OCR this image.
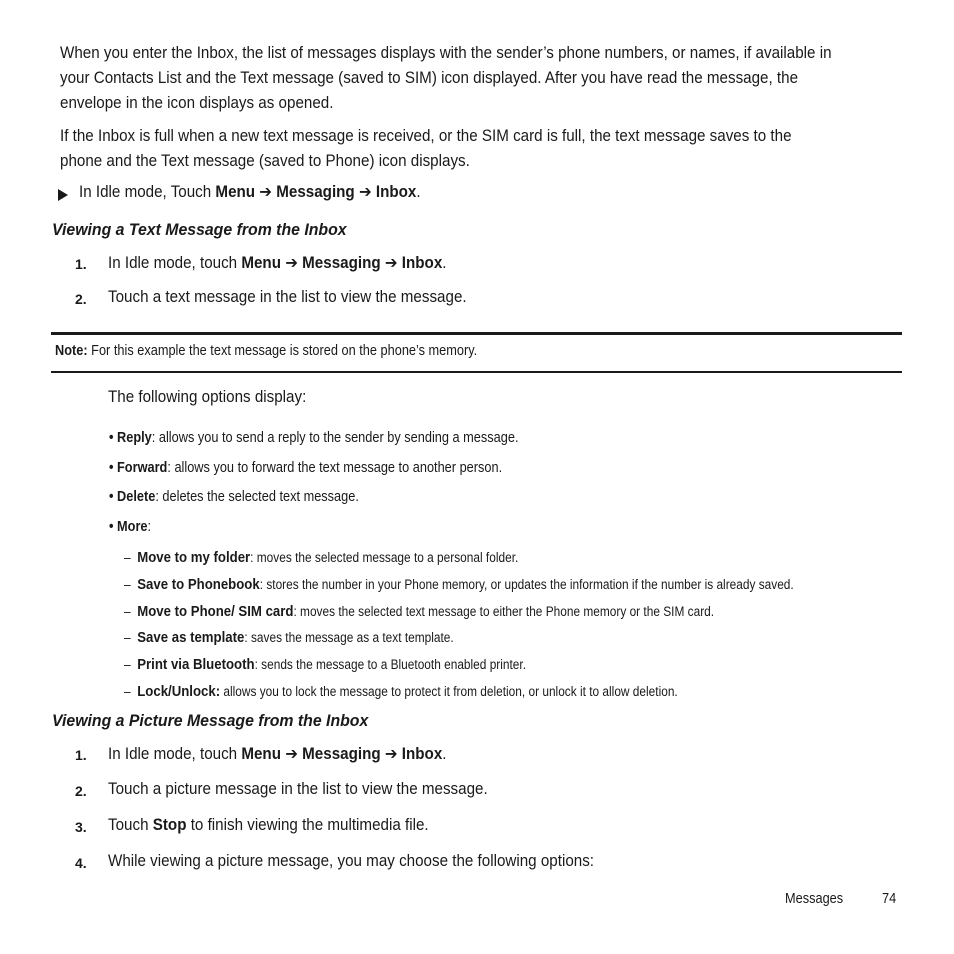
When you enter the Inbox, the list of messages displays with the sender’s phone numbers, or names, if available in
your Contacts List and the Text message (saved to SIM) icon displayed. After you have read the message, the
envelope in the icon displays as opened.
If the Inbox is full when a new text message is received, or the SIM card is full, the text message saves to the
phone and the Text message (saved to Phone) icon displays.
In Idle mode, Touch Menu ➔ Messaging ➔ Inbox.
Viewing a Text Message from the Inbox
1. In Idle mode, touch Menu ➔ Messaging ➔ Inbox.
2. Touch a text message in the list to view the message.
Note: For this example the text message is stored on the phone’s memory.
The following options display:
• Reply: allows you to send a reply to the sender by sending a message.
• Forward: allows you to forward the text message to another person.
• Delete: deletes the selected text message.
• More:
– Move to my folder: moves the selected message to a personal folder.
– Save to Phonebook: stores the number in your Phone memory, or updates the information if the number is already saved.
– Move to Phone/ SIM card: moves the selected text message to either the Phone memory or the SIM card.
– Save as template: saves the message as a text template.
– Print via Bluetooth: sends the message to a Bluetooth enabled printer.
– Lock/Unlock: allows you to lock the message to protect it from deletion, or unlock it to allow deletion.
Viewing a Picture Message from the Inbox
1. In Idle mode, touch Menu ➔ Messaging ➔ Inbox.
2. Touch a picture message in the list to view the message.
3. Touch Stop to finish viewing the multimedia file.
4. While viewing a picture message, you may choose the following options:
Messages	74
